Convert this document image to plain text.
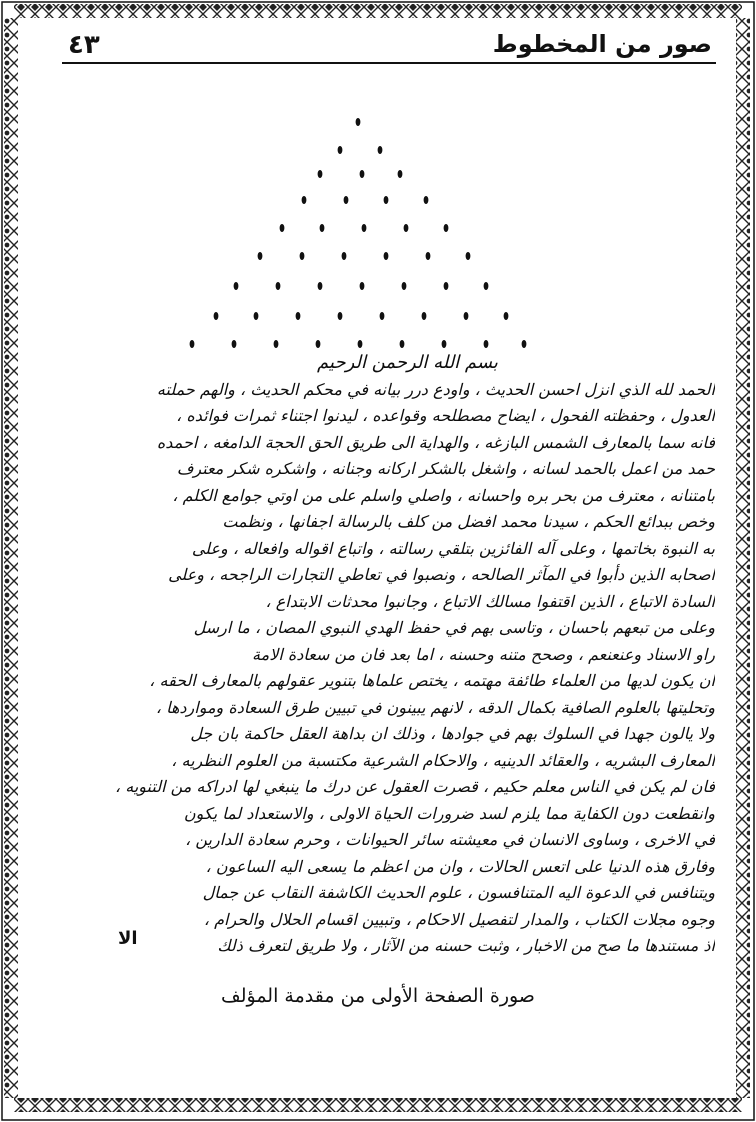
٤٣	صور من المخطوط
بسم الله الرحمن الرحيم
الحمد لله الذي انزل احسن الحديث ، واودع درر بيانه في محكم الحديث ، والهم حملته
العدول ، وحفظته الفحول ، ايضاح مصطلحه وقواعده ، ليدنوا اجتناء ثمرات فوائده ،
فانه سما بالمعارف الشمس البازغه ، والهداية الى طريق الحق الحجة الدامغه ، احمده
حمد من اعمل بالحمد لسانه ، واشغل بالشكر اركانه وجنانه ، واشكره شكر معترف
بامتنانه ، معترف من بحر بره واحسانه ، واصلي واسلم على من اوتي جوامع الكلم ،
وخص ببدائع الحكم ، سيدنا محمد افضل من كلف بالرسالة اجفانها ، ونظمت
به النبوة بخاتمها ، وعلى آله الفائزين بتلقي رسالته ، واتباع اقواله وافعاله ، وعلى
اصحابه الذين دأبوا في المآثر الصالحه ، ونصبوا في تعاطي التجارات الراجحه ، وعلى
السادة الاتباع ، الذين اقتفوا مسالك الاتباع ، وجانبوا محدثات الابتداع ،
وعلى من تبعهم باحسان ، وتاسى بهم في حفظ الهدي النبوي المصان ، ما ارسل
راو الاسناد وعنعنعم ، وصحح متنه وحسنه ، اما بعد فان من سعادة الامة
ان يكون لديها من العلماء طائفة مهتمه ، يختص علماها بتنوير عقولهم بالمعارف الحقه ،
وتحليتها بالعلوم الصافية بكمال الدقه ، لانهم يبينون في تبيين طرق السعادة ومواردها ،
ولا يالون جهدا في السلوك بهم في جوادها ، وذلك ان بداهة العقل حاكمة بان جل
المعارف البشريه ، والعقائد الدينيه ، والاحكام الشرعية مكتسبة من العلوم النظريه ،
فان لم يكن في الناس معلم حكيم ، قصرت العقول عن درك ما ينبغي لها ادراكه من التنويه ،
وانقطعت دون الكفاية مما يلزم لسد ضرورات الحياة الاولى ، والاستعداد لما يكون
في الاخرى ، وساوى الانسان في معيشته سائر الحيوانات ، وحرم سعادة الدارين ،
وفارق هذه الدنيا على اتعس الحالات ، وان من اعظم ما يسعى اليه الساعون ،
ويتنافس في الدعوة اليه المتنافسون ، علوم الحديث الكاشفة النقاب عن جمال
وجوه مجلات الكتاب ، والمدار لتفصيل الاحكام ، وتبيين اقسام الحلال والحرام ،
اذ مستندها ما صح من الاخبار ، وثبت حسنه من الآثار ، ولا طريق لتعرف ذلك
الا
صورة الصفحة الأولى من مقدمة المؤلف
